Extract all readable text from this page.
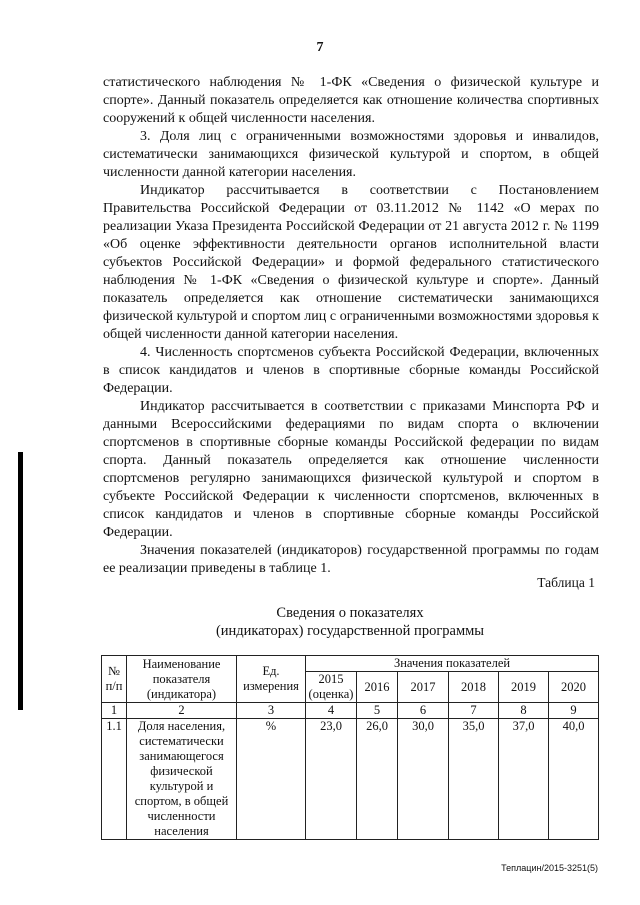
7

статистического наблюдения № 1-ФК «Сведения о физической культуре и спорте». Данный показатель определяется как отношение количества спортивных сооружений к общей численности населения.

3. Доля лиц с ограниченными возможностями здоровья и инвалидов, систематически занимающихся физической культурой и спортом, в общей численности данной категории населения.

Индикатор рассчитывается в соответствии с Постановлением Правительства Российской Федерации от 03.11.2012 № 1142 «О мерах по реализации Указа Президента Российской Федерации от 21 августа 2012 г. № 1199 «Об оценке эффективности деятельности органов исполнительной власти субъектов Российской Федерации» и формой федерального статистического наблюдения № 1-ФК «Сведения о физической культуре и спорте». Данный показатель определяется как отношение систематически занимающихся физической культурой и спортом лиц с ограниченными возможностями здоровья к общей численности данной категории населения.

4. Численность спортсменов субъекта Российской Федерации, включенных в список кандидатов и членов в спортивные сборные команды Российской Федерации.

Индикатор рассчитывается в соответствии с приказами Минспорта РФ и данными Всероссийскими федерациями по видам спорта о включении спортсменов в спортивные сборные команды Российской федерации по видам спорта. Данный показатель определяется как отношение численности спортсменов регулярно занимающихся физической культурой и спортом в субъекте Российской Федерации к численности спортсменов, включенных в список кандидатов и членов в спортивные сборные команды Российской Федерации.

Значения показателей (индикаторов) государственной программы по годам ее реализации приведены в таблице 1.

Таблица 1
Сведения о показателях
(индикаторах) государственной программы
№ п/п	Наименование показателя (индикатора)	Ед. измерения	Значения показателей					
			2015 (оценка)	2016	2017	2018	2019	2020
1	2	3	4	5	6	7	8	9
1.1	Доля населения, систематически занимающегося физической культурой и спортом, в общей численности населения	%	23,0	26,0	30,0	35,0	37,0	40,0
Теплацин/2015-3251(5)
